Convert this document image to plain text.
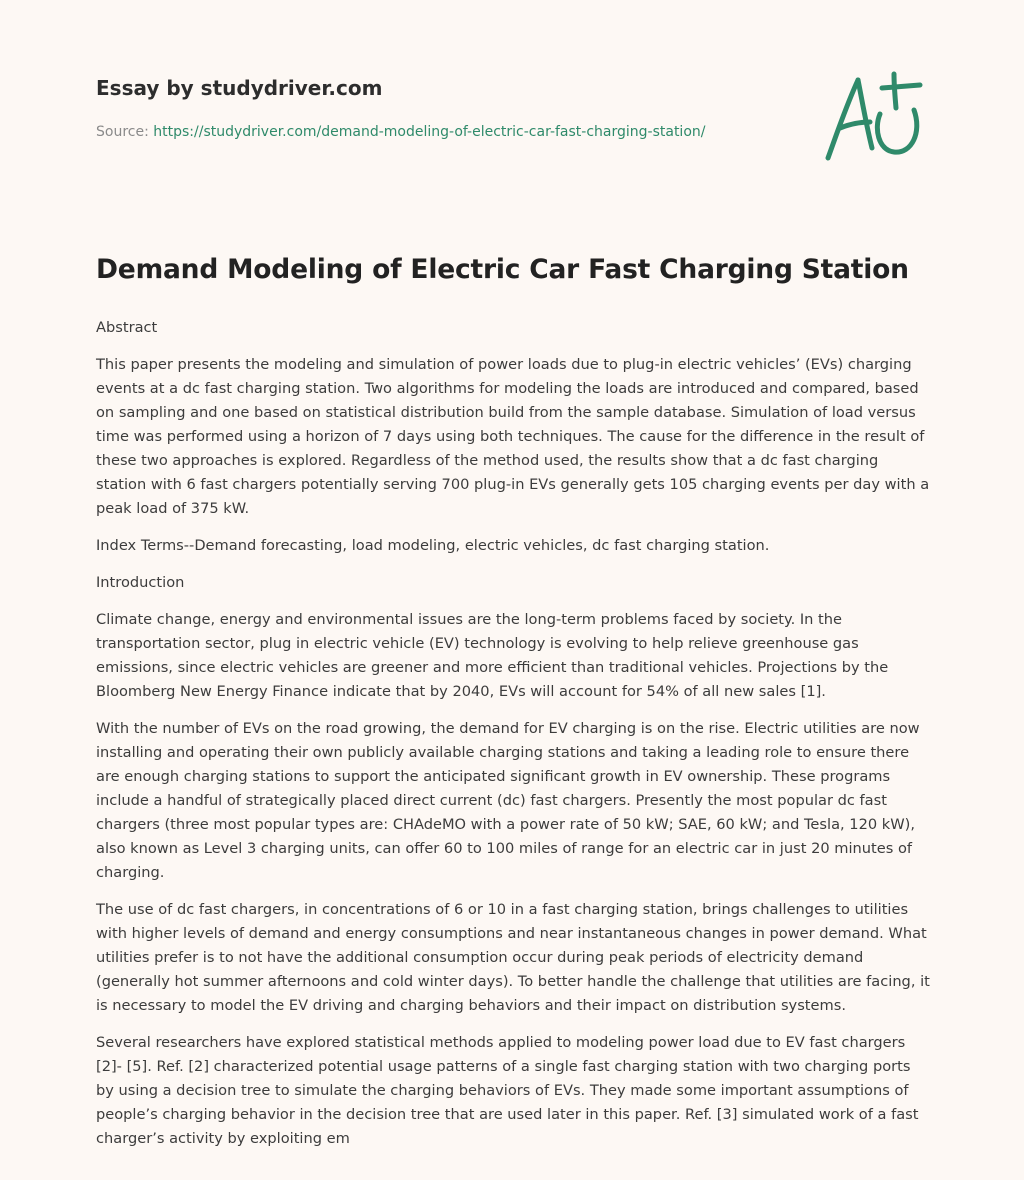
Essay by studydriver.com
Source: https://studydriver.com/demand-modeling-of-electric-car-fast-charging-station/
Demand Modeling of Electric Car Fast Charging Station

Abstract

This paper presents the modeling and simulation of power loads due to plug-in electric vehicles’ (EVs) charging events at a dc fast charging station. Two algorithms for modeling the loads are introduced and compared, based on sampling and one based on statistical distribution build from the sample database. Simulation of load versus time was performed using a horizon of 7 days using both techniques. The cause for the difference in the result of these two approaches is explored. Regardless of the method used, the results show that a dc fast charging station with 6 fast chargers potentially serving 700 plug-in EVs generally gets 105 charging events per day with a peak load of 375 kW.

Index Terms--Demand forecasting, load modeling, electric vehicles, dc fast charging station.

Introduction

Climate change, energy and environmental issues are the long-term problems faced by society. In the transportation sector, plug in electric vehicle (EV) technology is evolving to help relieve greenhouse gas emissions, since electric vehicles are greener and more efficient than traditional vehicles. Projections by the Bloomberg New Energy Finance indicate that by 2040, EVs will account for 54% of all new sales [1].

With the number of EVs on the road growing, the demand for EV charging is on the rise. Electric utilities are now installing and operating their own publicly available charging stations and taking a leading role to ensure there are enough charging stations to support the anticipated significant growth in EV ownership. These programs include a handful of strategically placed direct current (dc) fast chargers. Presently the most popular dc fast chargers (three most popular types are: CHAdeMO with a power rate of 50 kW; SAE, 60 kW; and Tesla, 120 kW), also known as Level 3 charging units, can offer 60 to 100 miles of range for an electric car in just 20 minutes of charging.

The use of dc fast chargers, in concentrations of 6 or 10 in a fast charging station, brings challenges to utilities with higher levels of demand and energy consumptions and near instantaneous changes in power demand. What utilities prefer is to not have the additional consumption occur during peak periods of electricity demand (generally hot summer afternoons and cold winter days). To better handle the challenge that utilities are facing, it is necessary to model the EV driving and charging behaviors and their impact on distribution systems.

Several researchers have explored statistical methods applied to modeling power load due to EV fast chargers [2]- [5]. Ref. [2] characterized potential usage patterns of a single fast charging station with two charging ports by using a decision tree to simulate the charging behaviors of EVs. They made some important assumptions of people’s charging behavior in the decision tree that are used later in this paper. Ref. [3] simulated work of a fast charger’s activity by exploiting em
